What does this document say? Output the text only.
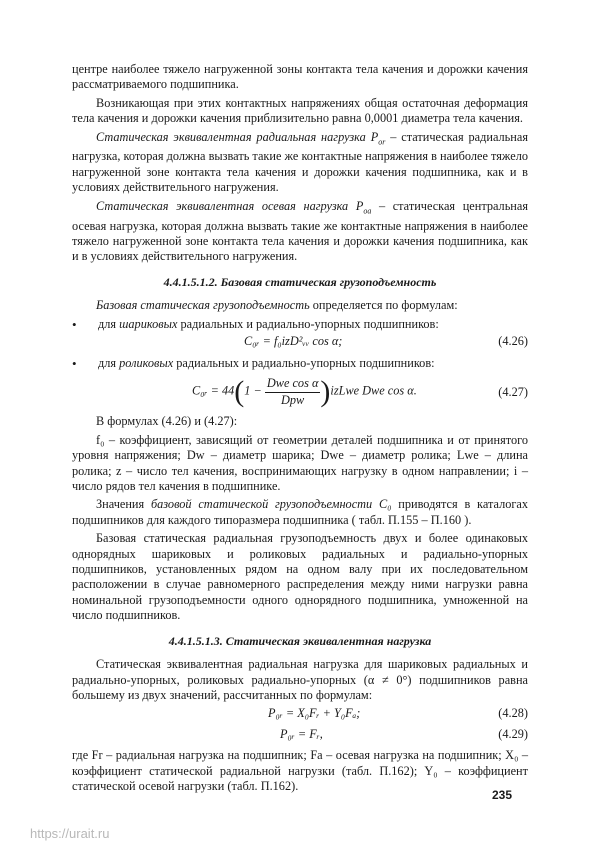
центре наиболее тяжело нагруженной зоны контакта тела качения и дорожки качения рассматриваемого подшипника.

Возникающая при этих контактных напряжениях общая остаточная деформация тела качения и дорожки качения приблизительно равна 0,0001 диаметра тела качения.

Статическая эквивалентная радиальная нагрузка $P_{or}$ – статическая радиальная нагрузка, которая должна вызвать такие же контактные напряжения в наиболее тяжело нагруженной зоне контакта тела качения и дорожки качения подшипника, как и в условиях действительного нагружения.

Статическая эквивалентная осевая нагрузка $P_{oa}$ – статическая центральная осевая нагрузка, которая должна вызвать такие же контактные напряжения в наиболее тяжело нагруженной зоне контакта тела качения и дорожки качения подшипника, как и в условиях действительного нагружения.

4.4.1.5.1.2. Базовая статическая грузоподъемность

Базовая статическая грузоподъемность определяется по формулам:

• для шариковых радиальных и радиально-упорных подшипников:
C₀ᵣ = f₀izD²ᵥᵥ cos α;	(4.26)
• для роликовых радиальных и радиально-упорных подшипников:
C₀ᵣ = $44(1 - \frac{\text{Dwe cos α}}{\text{Dpw}}$ )izLwe Dwe cos α.	(4.27)

В формулах (4.26) и (4.27):

f₀ – коэффициент, зависящий от геометрии деталей подшипника и от принятого уровня напряжения; Dw – диаметр шарика; Dwe – диаметр ролика; Lwe – длина ролика; z – число тел качения, воспринимающих нагрузку в одном направлении; i – число рядов тел качения в подшипнике.

Значения базовой статической грузоподъемности C₀ приводятся в каталогах подшипников для каждого типоразмера подшипника ( табл. П.155 – П.160 ).

Базовая статическая радиальная грузоподъемность двух и более одинаковых однорядных шариковых и роликовых радиальных и радиально-упорных подшипников, установленных рядом на одном валу при их последовательном расположении в случае равномерного распределения между ними нагрузки равна номинальной грузоподъемности одного однорядного подшипника, умноженной на число подшипников.

4.4.1.5.1.3. Статическая эквивалентная нагрузка

Статическая эквивалентная радиальная нагрузка для шариковых радиальных и радиально-упорных, роликовых радиально-упорных (α ≠ 0°) подшипников равна большему из двух значений, рассчитанных по формулам:

P₀ᵣ = X₀Fᵣ + Y₀Fₐ;	(4.28)
P₀ᵣ = Fᵣ,	(4.29)

где Fr – радиальная нагрузка на подшипник; Fa – осевая нагрузка на подшипник; X₀ – коэффициент статической радиальной нагрузки (табл. П.162); Y₀ – коэффициент статической осевой нагрузки (табл. П.162).

235
https://urait.ru
